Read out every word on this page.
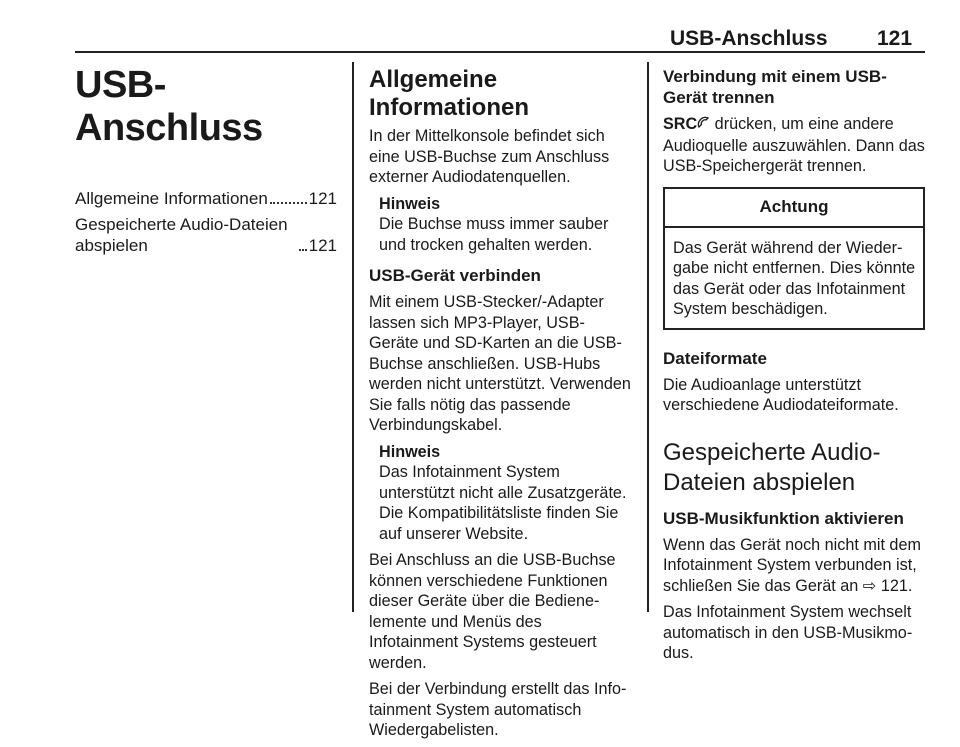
USB-Anschluss 121
USB-Anschluss
Allgemeine Informationen 121
Gespeicherte Audio-Dateien abspielen	121
Allgemeine Informationen

In der Mittelkonsole befindet sich eine USB-Buchse zum Anschluss externer Audiodatenquellen.

Hinweis
Die Buchse muss immer sauber und trocken gehalten werden.
USB-Gerät verbinden

Mit einem USB-Stecker/-Adapter lassen sich MP3-Player, USB-Geräte und SD-Karten an die USB-Buchse anschließen. USB-Hubs werden nicht unterstützt. Verwenden Sie falls nötig das passende Verbindungskabel.

Hinweis
Das Infotainment System unterstützt nicht alle Zusatzgeräte. Die Kompatibilitätsliste finden Sie auf unserer Website.

Bei Anschluss an die USB-Buchse können verschiedene Funktionen dieser Geräte über die Bedienelemente und Menüs des Infotainment Systems gesteuert werden.

Bei der Verbindung erstellt das Infotainment System automatisch Wiedergabelisten.

Verbindung mit einem USB-Gerät trennen

SRC drücken, um eine andere Audioquelle auszuwählen. Dann das USB-Speichergerät trennen.

Achtung
Das Gerät während der Wiedergabe nicht entfernen. Dies könnte das Gerät oder das Infotainment System beschädigen.
Dateiformate

Die Audioanlage unterstützt verschiedene Audiodateiformate.

Gespeicherte Audio-Dateien abspielen
USB-Musikfunktion aktivieren

Wenn das Gerät noch nicht mit dem Infotainment System verbunden ist, schließen Sie das Gerät an ⇨ 121.

Das Infotainment System wechselt automatisch in den USB-Musikmodus.
